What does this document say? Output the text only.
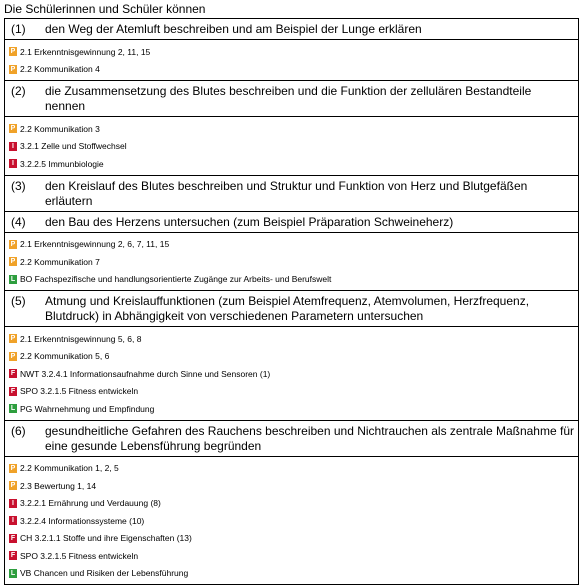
Die Schülerinnen und Schüler können
(1)	den Weg der Atemluft beschreiben und am Beispiel der Lunge erklären
P 2.1 Erkenntnisgewinnung 2, 11, 15
P 2.2 Kommunikation 4
(2)	die Zusammensetzung des Blutes beschreiben und die Funktion der zellulären Bestandteile nennen
P 2.2 Kommunikation 3
I 3.2.1 Zelle und Stoffwechsel
I 3.2.2.5 Immunbiologie
(3)	den Kreislauf des Blutes beschreiben und Struktur und Funktion von Herz und Blutgefäßen erläutern
(4)	den Bau des Herzens untersuchen (zum Beispiel Präparation Schweineherz)
P 2.1 Erkenntnisgewinnung 2, 6, 7, 11, 15
P 2.2 Kommunikation 7
L BO Fachspezifische und handlungsorientierte Zugänge zur Arbeits- und Berufswelt
(5)	Atmung und Kreislauffunktionen (zum Beispiel Atemfrequenz, Atemvolumen, Herzfrequenz, Blutdruck) in Abhängigkeit von verschiedenen Parametern untersuchen
P 2.1 Erkenntnisgewinnung 5, 6, 8
P 2.2 Kommunikation 5, 6
F NWT 3.2.4.1 Informationsaufnahme durch Sinne und Sensoren (1)
F SPO 3.2.1.5 Fitness entwickeln
L PG Wahrnehmung und Empfindung
(6)	gesundheitliche Gefahren des Rauchens beschreiben und Nichtrauchen als zentrale Maßnahme für eine gesunde Lebensführung begründen
P 2.2 Kommunikation 1, 2, 5
P 2.3 Bewertung 1, 14
I 3.2.2.1 Ernährung und Verdauung (8)
I 3.2.2.4 Informationssysteme (10)
F CH 3.2.1.1 Stoffe und ihre Eigenschaften (13)
F SPO 3.2.1.5 Fitness entwickeln
L VB Chancen und Risiken der Lebensführung
